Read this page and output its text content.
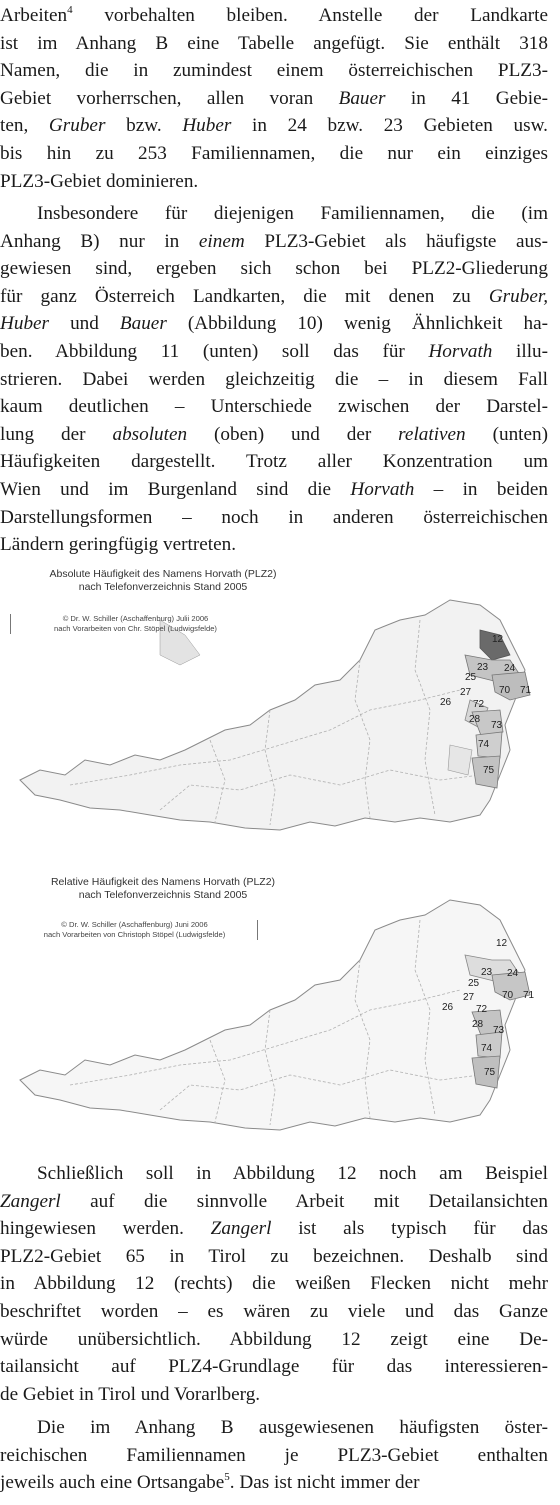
Arbeiten$^4$ vorbehalten bleiben. Anstelle der Landkarte
ist im Anhang B eine Tabelle angefügt. Sie enthält 318
Namen, die in zumindest einem österreichischen PLZ3-
Gebiet vorherrschen, allen voran Bauer in 41 Gebie-
ten, Gruber bzw. Huber in 24 bzw. 23 Gebieten usw.
bis hin zu 253 Familiennamen, die nur ein einziges
PLZ3-Gebiet dominieren.
Insbesondere für diejenigen Familiennamen, die (im
Anhang B) nur in einem PLZ3-Gebiet als häufigste aus-
gewiesen sind, ergeben sich schon bei PLZ2-Gliederung
für ganz Österreich Landkarten, die mit denen zu Gruber,
Huber und Bauer (Abbildung 10) wenig Ähnlichkeit ha-
ben. Abbildung 11 (unten) soll das für Horvath illu-
strieren. Dabei werden gleichzeitig die – in diesem Fall
kaum deutlichen – Unterschiede zwischen der Darstel-
lung der absoluten (oben) und der relativen (unten)
Häufigkeiten dargestellt. Trotz aller Konzentration um
Wien und im Burgenland sind die Horvath – in beiden
Darstellungsformen – noch in anderen österreichischen
Ländern geringfügig vertreten.
12
23 24
25
27	70 71
26 72
28
73
74
75
Absolute Häufigkeit des Namens Horvath (PLZ2)
nach Telefonverzeichnis Stand 2005
© Dr. W. Schiller (Aschaffenburg) Julii 2006
nach Vorarbeiten von Chr. Stöpel (Ludwigsfelde)
12
23 24
25
27	70 71
26 72
28
73
74
75
Relative Häufigkeit des Namens Horvath (PLZ2)
nach Telefonverzeichnis Stand 2005
© Dr. W. Schiller (Aschaffenburg) Juni 2006
nach Vorarbeiten von Christoph Stöpel (Ludwigsfelde)
Schließlich soll in Abbildung 12 noch am Beispiel
Zangerl auf die sinnvolle Arbeit mit Detailansichten
hingewiesen werden. Zangerl ist als typisch für das
PLZ2-Gebiet 65 in Tirol zu bezeichnen. Deshalb sind
in Abbildung 12 (rechts) die weißen Flecken nicht mehr
beschriftet worden – es wären zu viele und das Ganze
würde unübersichtlich. Abbildung 12 zeigt eine De-
tailansicht auf PLZ4-Grundlage für das interessieren-
de Gebiet in Tirol und Vorarlberg.
Die im Anhang B ausgewiesenen häufigsten öster-
reichischen Familiennamen je PLZ3-Gebiet enthalten
jeweils auch eine Ortsangabe$^5$. Das ist nicht immer der
